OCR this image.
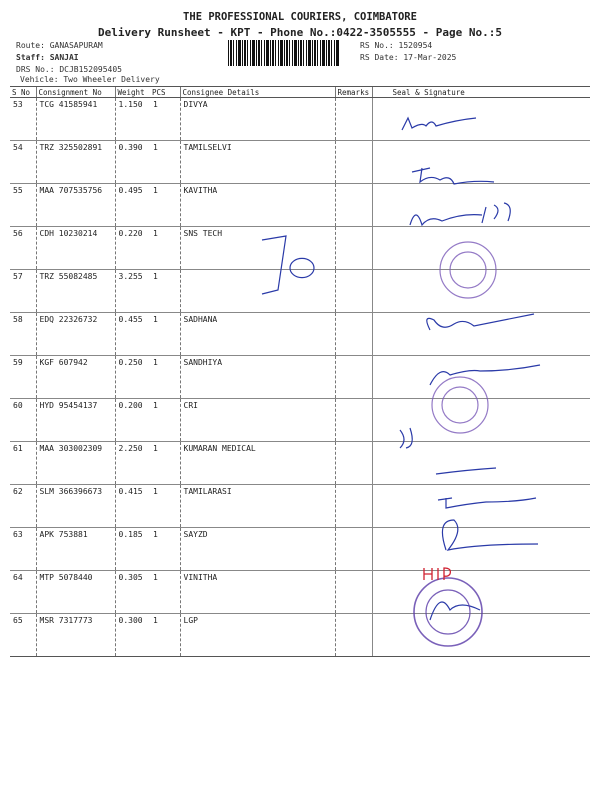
THE PROFESSIONAL COURIERS, COIMBATORE
Delivery Runsheet - KPT - Phone No.:0422-3505555 - Page No.:5
Route: GANASAPURAM
Staff: SANJAI
DRS No.: DCJB152095405
Vehicle: Two Wheeler Delivery
RS No.: 1520954
RS Date: 17-Mar-2025
S No	Consignment No	Weight	PCS	Consignee Details	Remarks	Seal & Signature
53	TCG 41585941	1.150	1	DIVYA		
54	TRZ 325502891	0.390	1	TAMILSELVI		
55	MAA 707535756	0.495	1	KAVITHA		
56	CDH 10230214	0.220	1	SNS TECH		
57	TRZ 55082485	3.255	1			
58	EDQ 22326732	0.455	1	SADHANA		
59	KGF 607942	0.250	1	SANDHIYA		
60	HYD 95454137	0.200	1	CRI		
61	MAA 303002309	2.250	1	KUMARAN MEDICAL		
62	SLM 366396673	0.415	1	TAMILARASI		
63	APK 753881	0.185	1	SAYZD		
64	MTP 5078440	0.305	1	VINITHA		
65	MSR 7317773	0.300	1	LGP		
